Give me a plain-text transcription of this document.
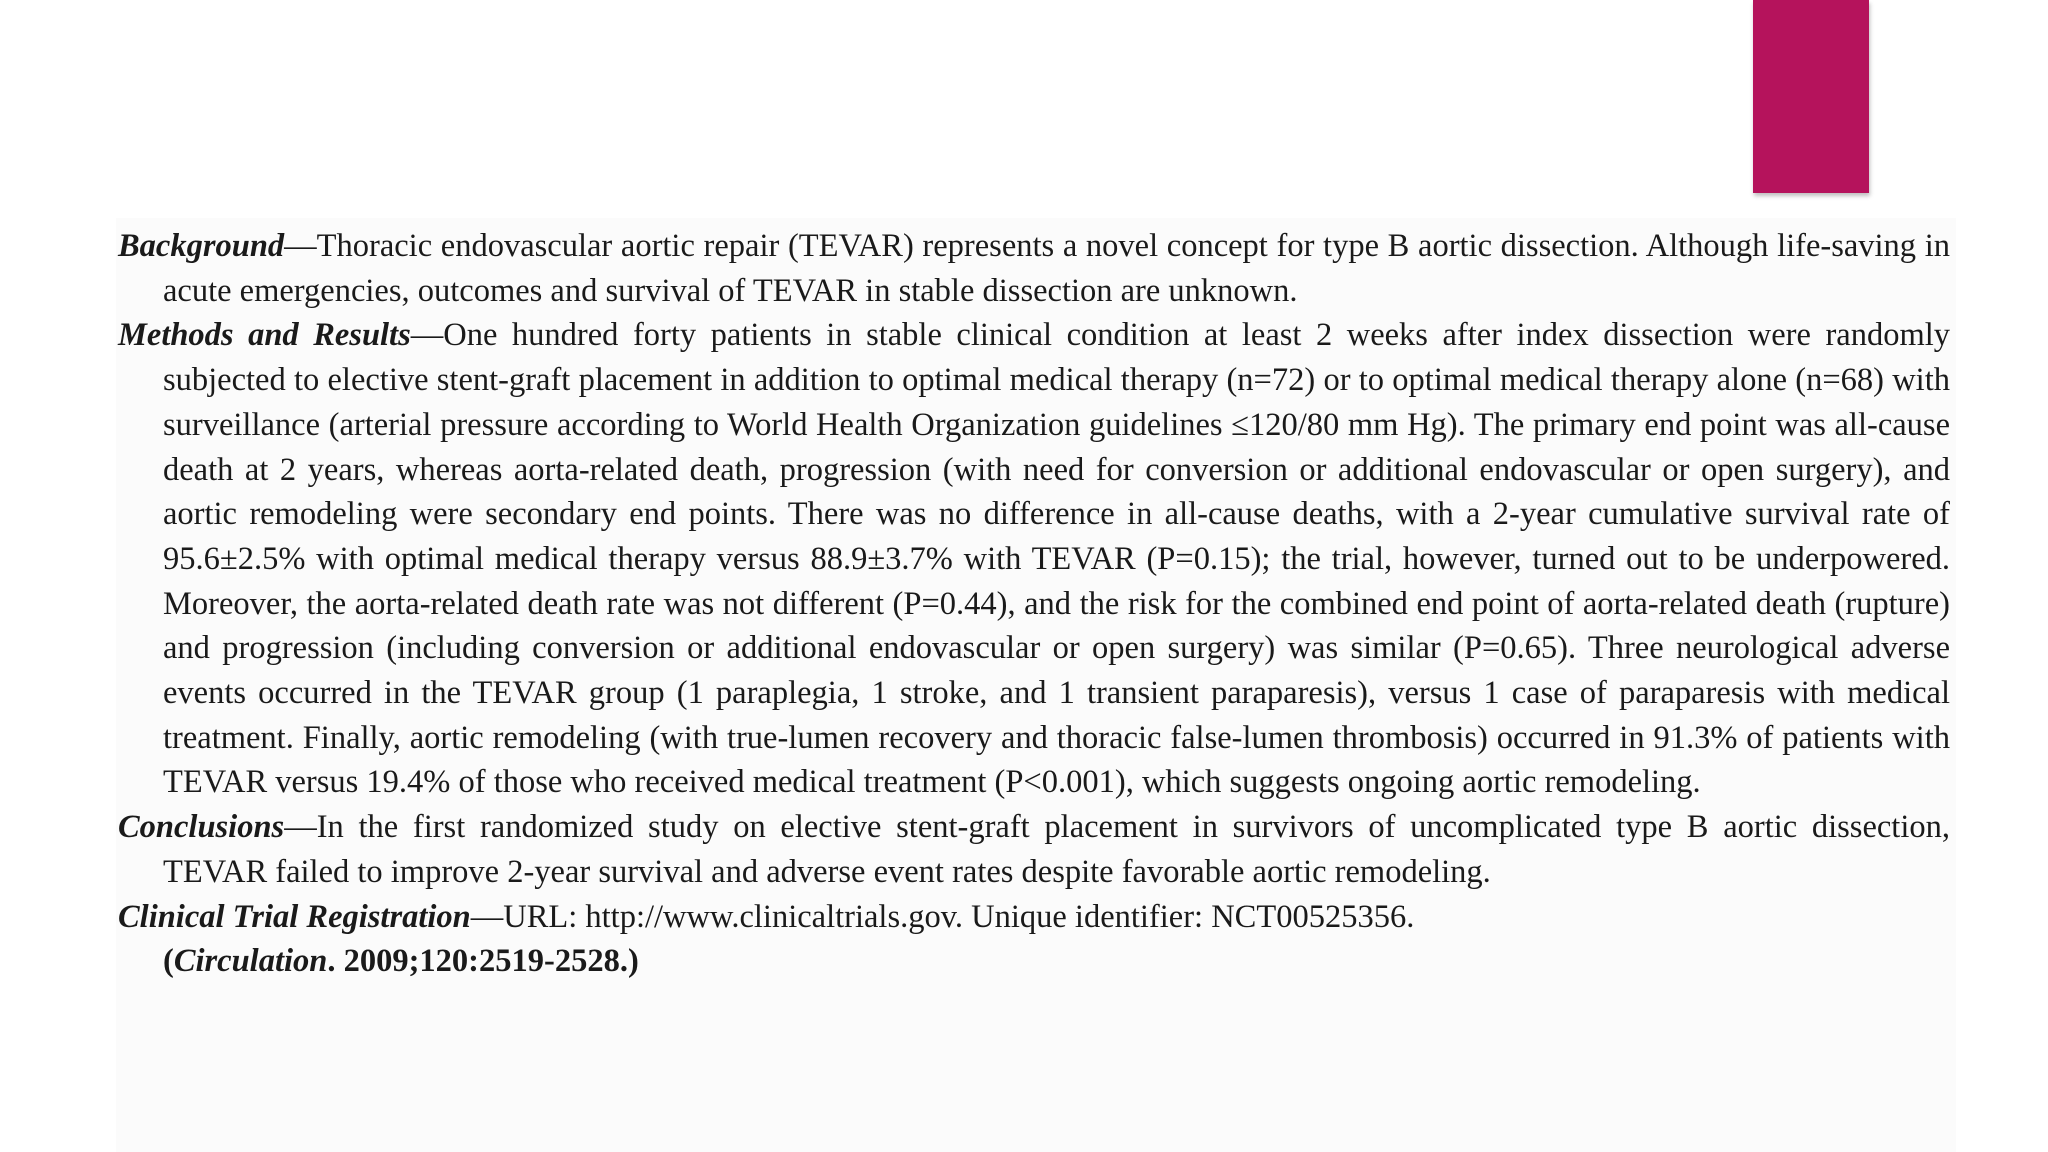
Background—Thoracic endovascular aortic repair (TEVAR) represents a novel concept for type B aortic dissection. Although life-saving in acute emergencies, outcomes and survival of TEVAR in stable dissection are unknown.

Methods and Results—One hundred forty patients in stable clinical condition at least 2 weeks after index dissection were randomly subjected to elective stent-graft placement in addition to optimal medical therapy (n=72) or to optimal medical therapy alone (n=68) with surveillance (arterial pressure according to World Health Organization guidelines ≤120/80 mm Hg). The primary end point was all-cause death at 2 years, whereas aorta-related death, progression (with need for conversion or additional endovascular or open surgery), and aortic remodeling were secondary end points. There was no difference in all-cause deaths, with a 2-year cumulative survival rate of 95.6±2.5% with optimal medical therapy versus 88.9±3.7% with TEVAR (P=0.15); the trial, however, turned out to be underpowered. Moreover, the aorta-related death rate was not different (P=0.44), and the risk for the combined end point of aorta-related death (rupture) and progression (including conversion or additional endovascular or open surgery) was similar (P=0.65). Three neurological adverse events occurred in the TEVAR group (1 paraplegia, 1 stroke, and 1 transient paraparesis), versus 1 case of paraparesis with medical treatment. Finally, aortic remodeling (with true-lumen recovery and thoracic false-lumen thrombosis) occurred in 91.3% of patients with TEVAR versus 19.4% of those who received medical treatment (P<0.001), which suggests ongoing aortic remodeling.

Conclusions—In the first randomized study on elective stent-graft placement in survivors of uncomplicated type B aortic dissection, TEVAR failed to improve 2-year survival and adverse event rates despite favorable aortic remodeling.

Clinical Trial Registration—URL: http://www.clinicaltrials.gov. Unique identifier: NCT00525356.

(Circulation. 2009;120:2519-2528.)
